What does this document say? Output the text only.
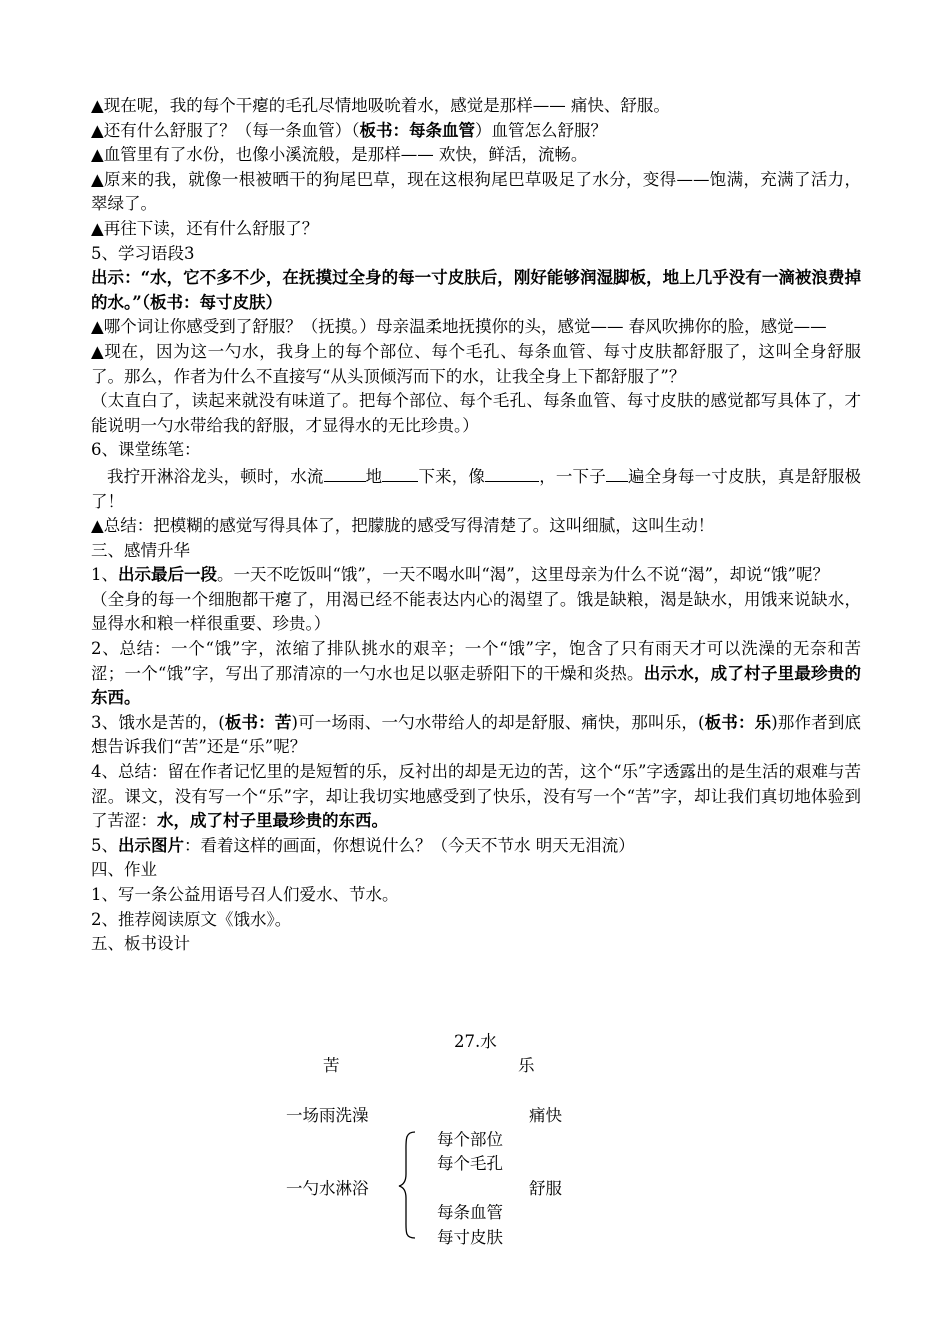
▲现在呢，我的每个干瘪的毛孔尽情地吸吮着水，感觉是那样—— 痛快、舒服。

▲还有什么舒服了？（每一条血管）（板书：每条血管）血管怎么舒服？

▲血管里有了水份，也像小溪流般，是那样—— 欢快，鲜活，流畅。

▲原来的我，就像一根被晒干的狗尾巴草，现在这根狗尾巴草吸足了水分，变得——饱满，充满了活力，翠绿了。

▲再往下读，还有什么舒服了？

5、学习语段3

出示：“水，它不多不少，在抚摸过全身的每一寸皮肤后，刚好能够润湿脚板，地上几乎没有一滴被浪费掉的水。”（板书：每寸皮肤）

▲哪个词让你感受到了舒服？（抚摸。）母亲温柔地抚摸你的头，感觉—— 春风吹拂你的脸，感觉——

▲现在，因为这一勺水，我身上的每个部位、每个毛孔、每条血管、每寸皮肤都舒服了，这叫全身舒服了。那么，作者为什么不直接写“从头顶倾泻而下的水，让我全身上下都舒服了”？

（太直白了，读起来就没有味道了。把每个部位、每个毛孔、每条血管、每寸皮肤的感觉都写具体了，才能说明一勺水带给我的舒服，才显得水的无比珍贵。）

6、课堂练笔：

我拧开淋浴龙头，顿时，水流	地 下来，像	，一下子 遍全身每一寸皮肤，真是舒服极了！

▲总结：把模糊的感觉写得具体了，把朦胧的感受写得清楚了。这叫细腻，这叫生动！

三、感情升华

1、出示最后一段。一天不吃饭叫“饿”，一天不喝水叫“渴”，这里母亲为什么不说“渴”，却说“饿”呢？

（全身的每一个细胞都干瘪了，用渴已经不能表达内心的渴望了。饿是缺粮，渴是缺水，用饿来说缺水，显得水和粮一样很重要、珍贵。）

2、总结：一个“饿”字，浓缩了排队挑水的艰辛；一个“饿”字，饱含了只有雨天才可以洗澡的无奈和苦涩；一个“饿”字，写出了那清凉的一勺水也足以驱走骄阳下的干燥和炎热。出示水，成了村子里最珍贵的东西。

3、饿水是苦的，(板书：苦)可一场雨、一勺水带给人的却是舒服、痛快，那叫乐，(板书：乐)那作者到底想告诉我们“苦”还是“乐”呢？

4、总结：留在作者记忆里的是短暂的乐，反衬出的却是无边的苦，这个“乐”字透露出的是生活的艰难与苦涩。课文，没有写一个“乐”字，却让我切实地感受到了快乐，没有写一个“苦”字，却让我们真切地体验到了苦涩：水，成了村子里最珍贵的东西。

5、出示图片：看着这样的画面，你想说什么？（今天不节水 明天无泪流）

四、作业

1、写一条公益用语号召人们爱水、节水。

2、推荐阅读原文《饿水》。

五、板书设计

27.水
苦	乐
一场雨洗澡	痛快
每个部位
每个毛孔
一勺水淋浴	舒服
每条血管
每寸皮肤
